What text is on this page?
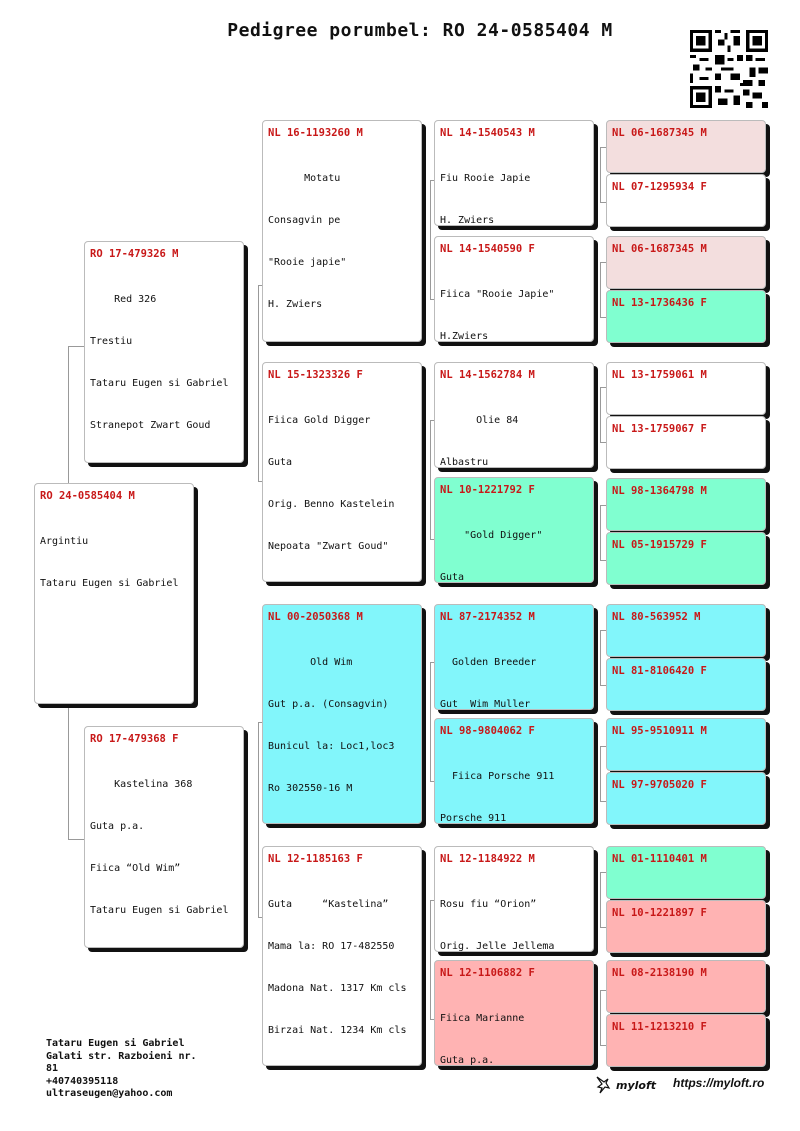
Pedigree porumbel: RO 24-0585404 M
RO 24-0585404 M

Argintiu

Tataru Eugen si Gabriel

RO 17-479326 M

Red 326

Trestiu

Tataru Eugen si Gabriel

Stranepot Zwart Goud

RO 17-479368 F

Kastelina 368

Guta p.a.

Fiica “Old Wim”

Tataru Eugen si Gabriel

NL 16-1193260 M

Motatu

Consagvin pe

"Rooie japie"

H. Zwiers

NL 15-1323326 F

Fiica Gold Digger

Guta

Orig. Benno Kastelein

Nepoata "Zwart Goud"

NL 00-2050368 M

Old Wim

Gut p.a. (Consagvin)

Bunicul la: Loc1,loc3

Ro 302550-16 M

NL 12-1185163 F

Guta     “Kastelina”

Mama la: RO 17-482550

Madona Nat. 1317 Km cls

Birzai Nat. 1234 Km cls

NL 14-1540543 M

Fiu Rooie Japie

H. Zwiers

NL 14-1540590 F

Fiica "Rooie Japie"

H.Zwiers

NL 14-1562784 M

Olie 84

Albastru

NL 10-1221792 F

"Gold Digger"

Guta

NL 87-2174352 M

Golden Breeder

Gut  Wim Muller

NL 98-9804062 F

Fiica Porsche 911

Porsche 911

NL 12-1184922 M

Rosu fiu “Orion”

Orig. Jelle Jellema

NL 12-1106882 F

Fiica Marianne

Guta p.a.

NL 06-1687345 M

NL 07-1295934 F

NL 06-1687345 M

NL 13-1736436 F

NL 13-1759061 M

NL 13-1759067 F

NL 98-1364798 M

NL 05-1915729 F

NL 80-563952 M

NL 81-8106420 F

NL 95-9510911 M

NL 97-9705020 F

NL 01-1110401 M

NL 10-1221897 F

NL 08-2138190 M

NL 11-1213210 F

Tataru Eugen si Gabriel
Galati str. Razboieni nr.
81
+40740395118
ultraseugen@yahoo.com
myloft https://myloft.ro
